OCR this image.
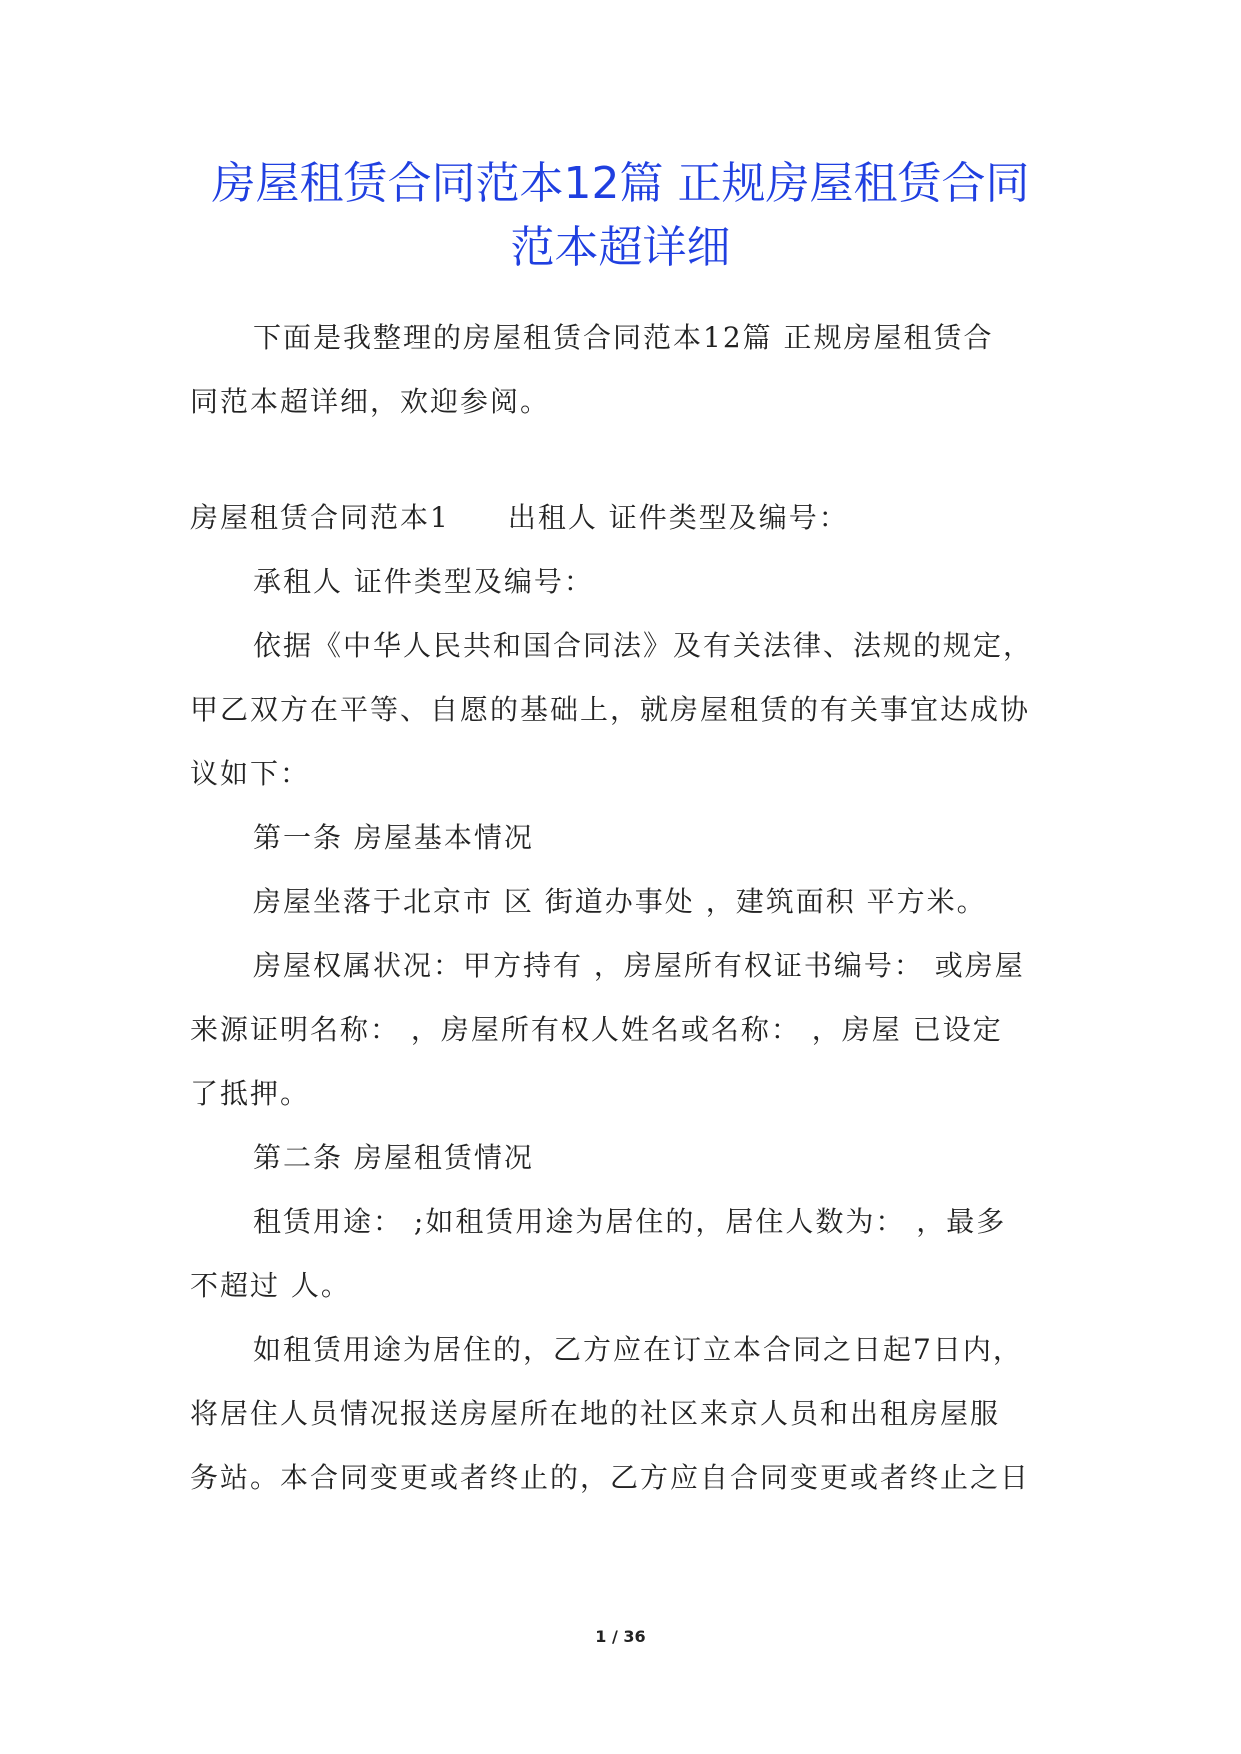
房屋租赁合同范本12篇 正规房屋租赁合同
范本超详细

下面是我整理的房屋租赁合同范本12篇 正规房屋租赁合

同范本超详细，欢迎参阅。

房屋租赁合同范本1 出租人 证件类型及编号：

承租人 证件类型及编号：

依据《中华人民共和国合同法》及有关法律、法规的规定，

甲乙双方在平等、自愿的基础上，就房屋租赁的有关事宜达成协

议如下：

第一条 房屋基本情况

房屋坐落于北京市 区 街道办事处 ，建筑面积 平方米。

房屋权属状况：甲方持有 ，房屋所有权证书编号： 或房屋

来源证明名称： ，房屋所有权人姓名或名称： ，房屋 已设定

了抵押。

第二条 房屋租赁情况

租赁用途： ;如租赁用途为居住的，居住人数为： ，最多

不超过 人。

如租赁用途为居住的，乙方应在订立本合同之日起7日内，

将居住人员情况报送房屋所在地的社区来京人员和出租房屋服

务站。本合同变更或者终止的，乙方应自合同变更或者终止之日

1 / 36
